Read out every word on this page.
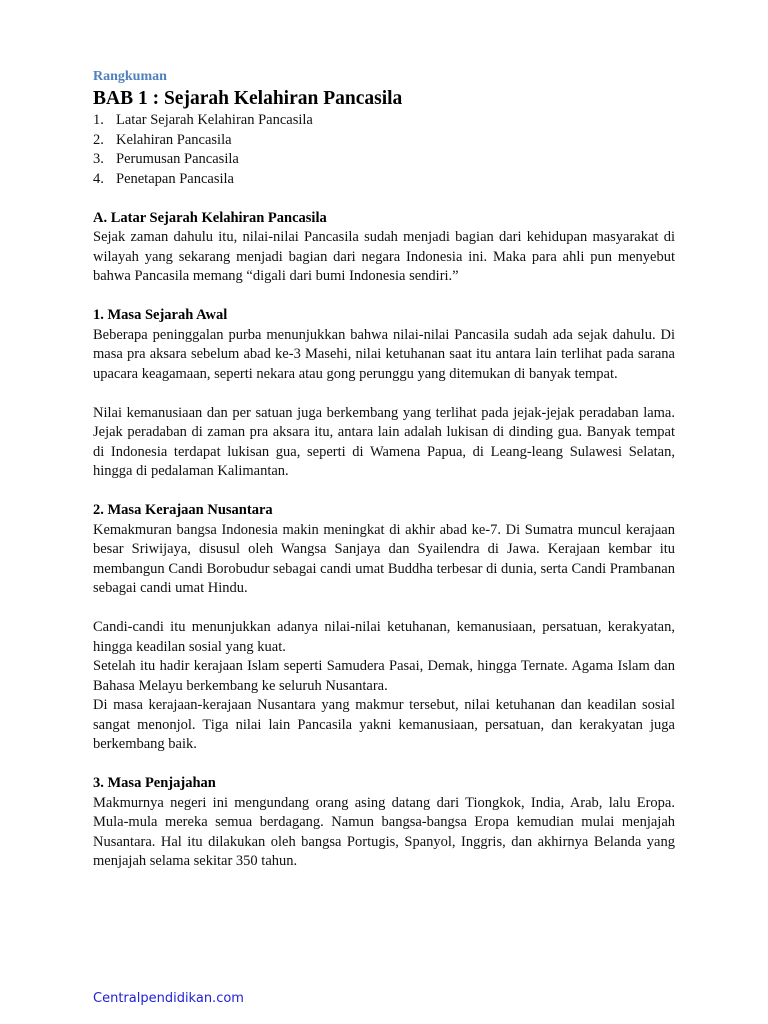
Rangkuman
BAB 1 : Sejarah Kelahiran Pancasila
1. Latar Sejarah Kelahiran Pancasila
2. Kelahiran Pancasila
3. Perumusan Pancasila
4. Penetapan Pancasila
A. Latar Sejarah Kelahiran Pancasila

Sejak zaman dahulu itu, nilai-nilai Pancasila sudah menjadi bagian dari kehidupan masyarakat di wilayah yang sekarang menjadi bagian dari negara Indonesia ini. Maka para ahli pun menyebut bahwa Pancasila memang “digali dari bumi Indonesia sendiri.”

1. Masa Sejarah Awal

Beberapa peninggalan purba menunjukkan bahwa nilai-nilai Pancasila sudah ada sejak dahulu. Di masa pra aksara sebelum abad ke-3 Masehi, nilai ketuhanan saat itu antara lain terlihat pada sarana upacara keagamaan, seperti nekara atau gong perunggu yang ditemukan di banyak tempat.

Nilai kemanusiaan dan per satuan juga berkembang yang terlihat pada jejak-jejak peradaban lama. Jejak peradaban di zaman pra aksara itu, antara lain adalah lukisan di dinding gua. Banyak tempat di Indonesia terdapat lukisan gua, seperti di Wamena Papua, di Leang-leang Sulawesi Selatan, hingga di pedalaman Kalimantan.

2. Masa Kerajaan Nusantara

Kemakmuran bangsa Indonesia makin meningkat di akhir abad ke-7. Di Sumatra muncul kerajaan besar Sriwijaya, disusul oleh Wangsa Sanjaya dan Syailendra di Jawa. Kerajaan kembar itu membangun Candi Borobudur sebagai candi umat Buddha terbesar di dunia, serta Candi Prambanan sebagai candi umat Hindu.

Candi-candi itu menunjukkan adanya nilai-nilai ketuhanan, kemanusiaan, persatuan, kerakyatan, hingga keadilan sosial yang kuat.

Setelah itu hadir kerajaan Islam seperti Samudera Pasai, Demak, hingga Ternate. Agama Islam dan Bahasa Melayu berkembang ke seluruh Nusantara.

Di masa kerajaan-kerajaan Nusantara yang makmur tersebut, nilai ketuhanan dan keadilan sosial sangat menonjol. Tiga nilai lain Pancasila yakni kemanusiaan, persatuan, dan kerakyatan juga berkembang baik.

3. Masa Penjajahan

Makmurnya negeri ini mengundang orang asing datang dari Tiongkok, India, Arab, lalu Eropa. Mula-mula mereka semua berdagang. Namun bangsa-bangsa Eropa kemudian mulai menjajah Nusantara. Hal itu dilakukan oleh bangsa Portugis, Spanyol, Inggris, dan akhirnya Belanda yang menjajah selama sekitar 350 tahun.

Centralpendidikan.com
